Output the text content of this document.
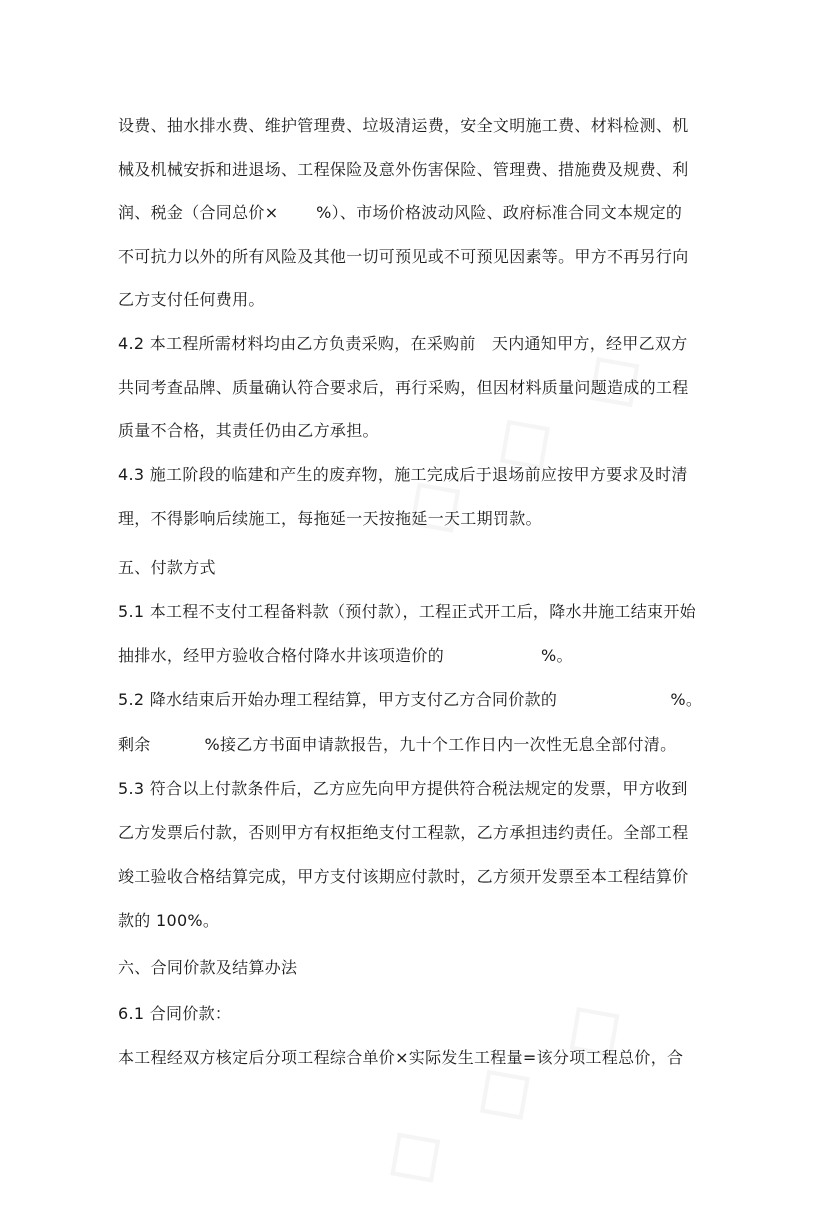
设费、抽水排水费、维护管理费、垃圾清运费，安全文明施工费、材料检测、机
械及机械安拆和进退场、工程保险及意外伤害保险、管理费、措施费及规费、利
润、税金（合同总价×       %）、市场价格波动风险、政府标准合同文本规定的
不可抗力以外的所有风险及其他一切可预见或不可预见因素等。甲方不再另行向
乙方支付任何费用。
4.2 本工程所需材料均由乙方负责采购，在采购前   天内通知甲方，经甲乙双方
共同考查品牌、质量确认符合要求后，再行采购，但因材料质量问题造成的工程
质量不合格，其责任仍由乙方承担。
4.3 施工阶段的临建和产生的废弃物，施工完成后于退场前应按甲方要求及时清
理，不得影响后续施工，每拖延一天按拖延一天工期罚款。
五、付款方式
5.1 本工程不支付工程备料款（预付款），工程正式开工后，降水井施工结束开始
抽排水，经甲方验收合格付降水井该项造价的                  %。
5.2 降水结束后开始办理工程结算，甲方支付乙方合同价款的                     %。
剩余          %接乙方书面申请款报告，九十个工作日内一次性无息全部付清。
5.3 符合以上付款条件后，乙方应先向甲方提供符合税法规定的发票，甲方收到
乙方发票后付款，否则甲方有权拒绝支付工程款，乙方承担违约责任。全部工程
竣工验收合格结算完成，甲方支付该期应付款时，乙方须开发票至本工程结算价
款的 100%。
六、合同价款及结算办法
6.1 合同价款：
本工程经双方核定后分项工程综合单价×实际发生工程量=该分项工程总价，合
